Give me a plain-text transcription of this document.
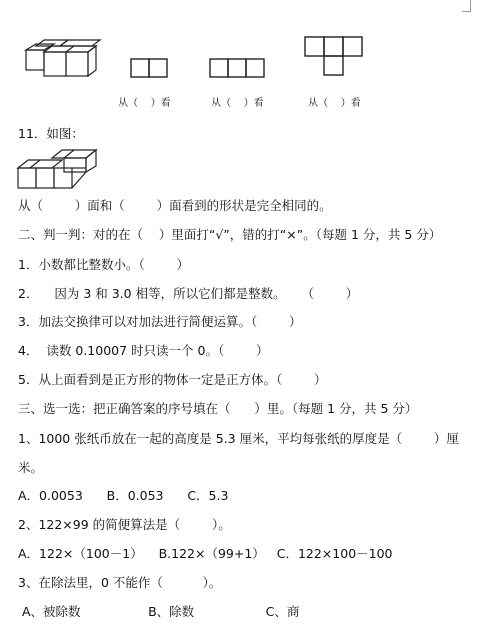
从（    ）看	从（    ）看	从（    ）看
11．如图：
从（        ）面和（        ）面看到的形状是完全相同的。
二、判一判：对的在（    ）里面打“√”，错的打“×”。（每题 1 分，共 5 分）
1．小数都比整数小。（        ）
2．    因为 3 和 3.0 相等，所以它们都是整数。    （        ）
3．加法交换律可以对加法进行简便运算。（        ）
4．  读数 0.10007 时只读一个 0。（        ）
5．从上面看到是正方形的物体一定是正方体。（        ）
三、选一选：把正确答案的序号填在（      ）里。（每题 1 分，共 5 分）
1、1000 张纸币放在一起的高度是 5.3 厘米，平均每张纸的厚度是（        ）厘
米。
A．0.0053      B．0.053      C．5.3
2、122×99 的简便算法是（        ）。
A．122×（100－1）    B.122×（99+1）   C．122×100－100
3、在除法里，0 不能作（          ）。
A、被除数                 B、除数                  C、商
